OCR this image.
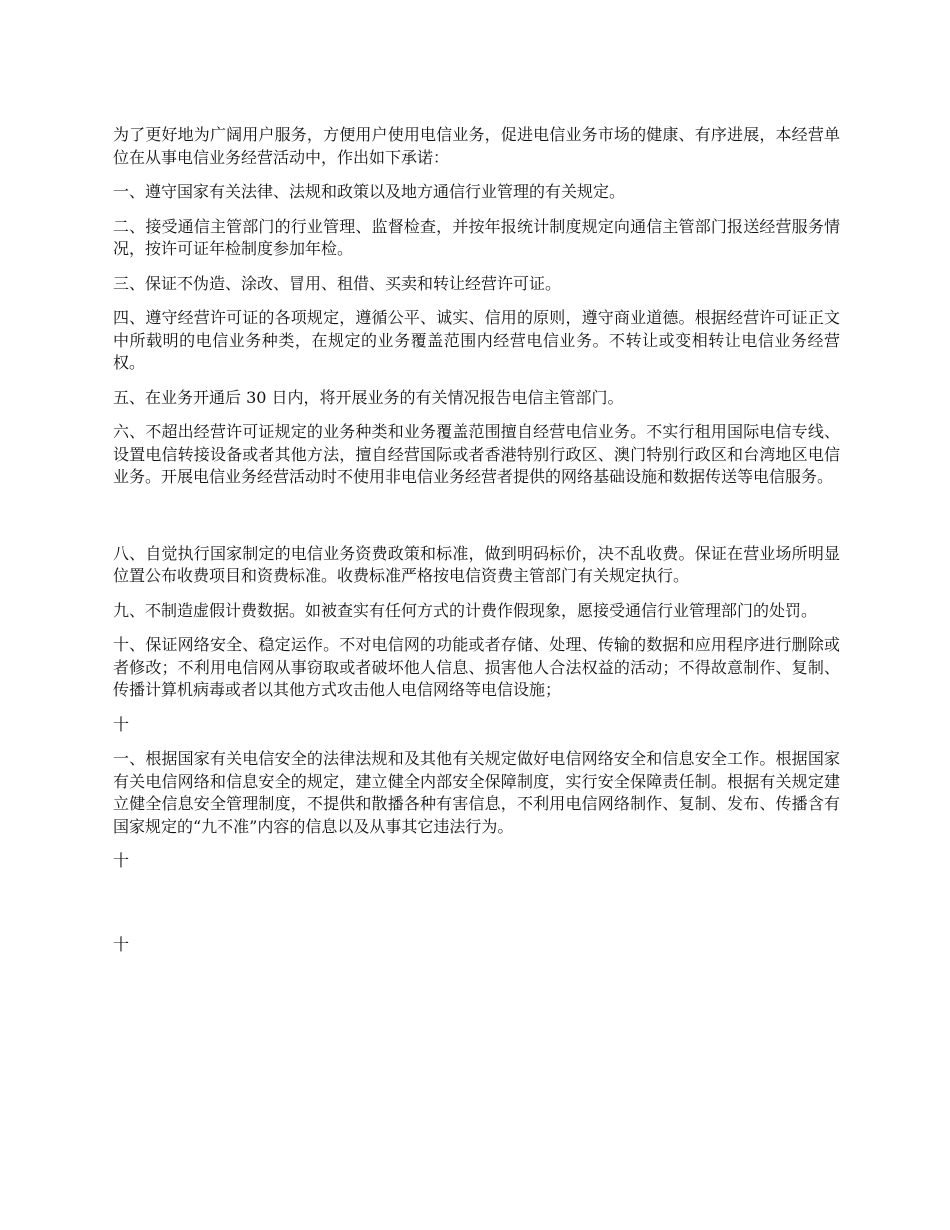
为了更好地为广阔用户服务，方便用户使用电信业务，促进电信业务市场的健康、有序进展，本经营单位在从事电信业务经营活动中，作出如下承诺：

一、遵守国家有关法律、法规和政策以及地方通信行业管理的有关规定。

二、接受通信主管部门的行业管理、监督检查，并按年报统计制度规定向通信主管部门报送经营服务情况，按许可证年检制度参加年检。

三、保证不伪造、涂改、冒用、租借、买卖和转让经营许可证。

四、遵守经营许可证的各项规定，遵循公平、诚实、信用的原则，遵守商业道德。根据经营许可证正文中所载明的电信业务种类，在规定的业务覆盖范围内经营电信业务。不转让或变相转让电信业务经营权。

五、在业务开通后 30 日内，将开展业务的有关情况报告电信主管部门。

六、不超出经营许可证规定的业务种类和业务覆盖范围擅自经营电信业务。不实行租用国际电信专线、设置电信转接设备或者其他方法，擅自经营国际或者香港特别行政区、澳门特别行政区和台湾地区电信业务。开展电信业务经营活动时不使用非电信业务经营者提供的网络基础设施和数据传送等电信服务。

八、自觉执行国家制定的电信业务资费政策和标准，做到明码标价，决不乱收费。保证在营业场所明显位置公布收费项目和资费标准。收费标准严格按电信资费主管部门有关规定执行。

九、不制造虚假计费数据。如被查实有任何方式的计费作假现象，愿接受通信行业管理部门的处罚。

十、保证网络安全、稳定运作。不对电信网的功能或者存储、处理、传输的数据和应用程序进行删除或者修改；不利用电信网从事窃取或者破坏他人信息、损害他人合法权益的活动；不得故意制作、复制、传播计算机病毒或者以其他方式攻击他人电信网络等电信设施；

十

一、根据国家有关电信安全的法律法规和及其他有关规定做好电信网络安全和信息安全工作。根据国家有关电信网络和信息安全的规定，建立健全内部安全保障制度，实行安全保障责任制。根据有关规定建立健全信息安全管理制度，不提供和散播各种有害信息，不利用电信网络制作、复制、发布、传播含有国家规定的“九不准”内容的信息以及从事其它违法行为。

十

十
